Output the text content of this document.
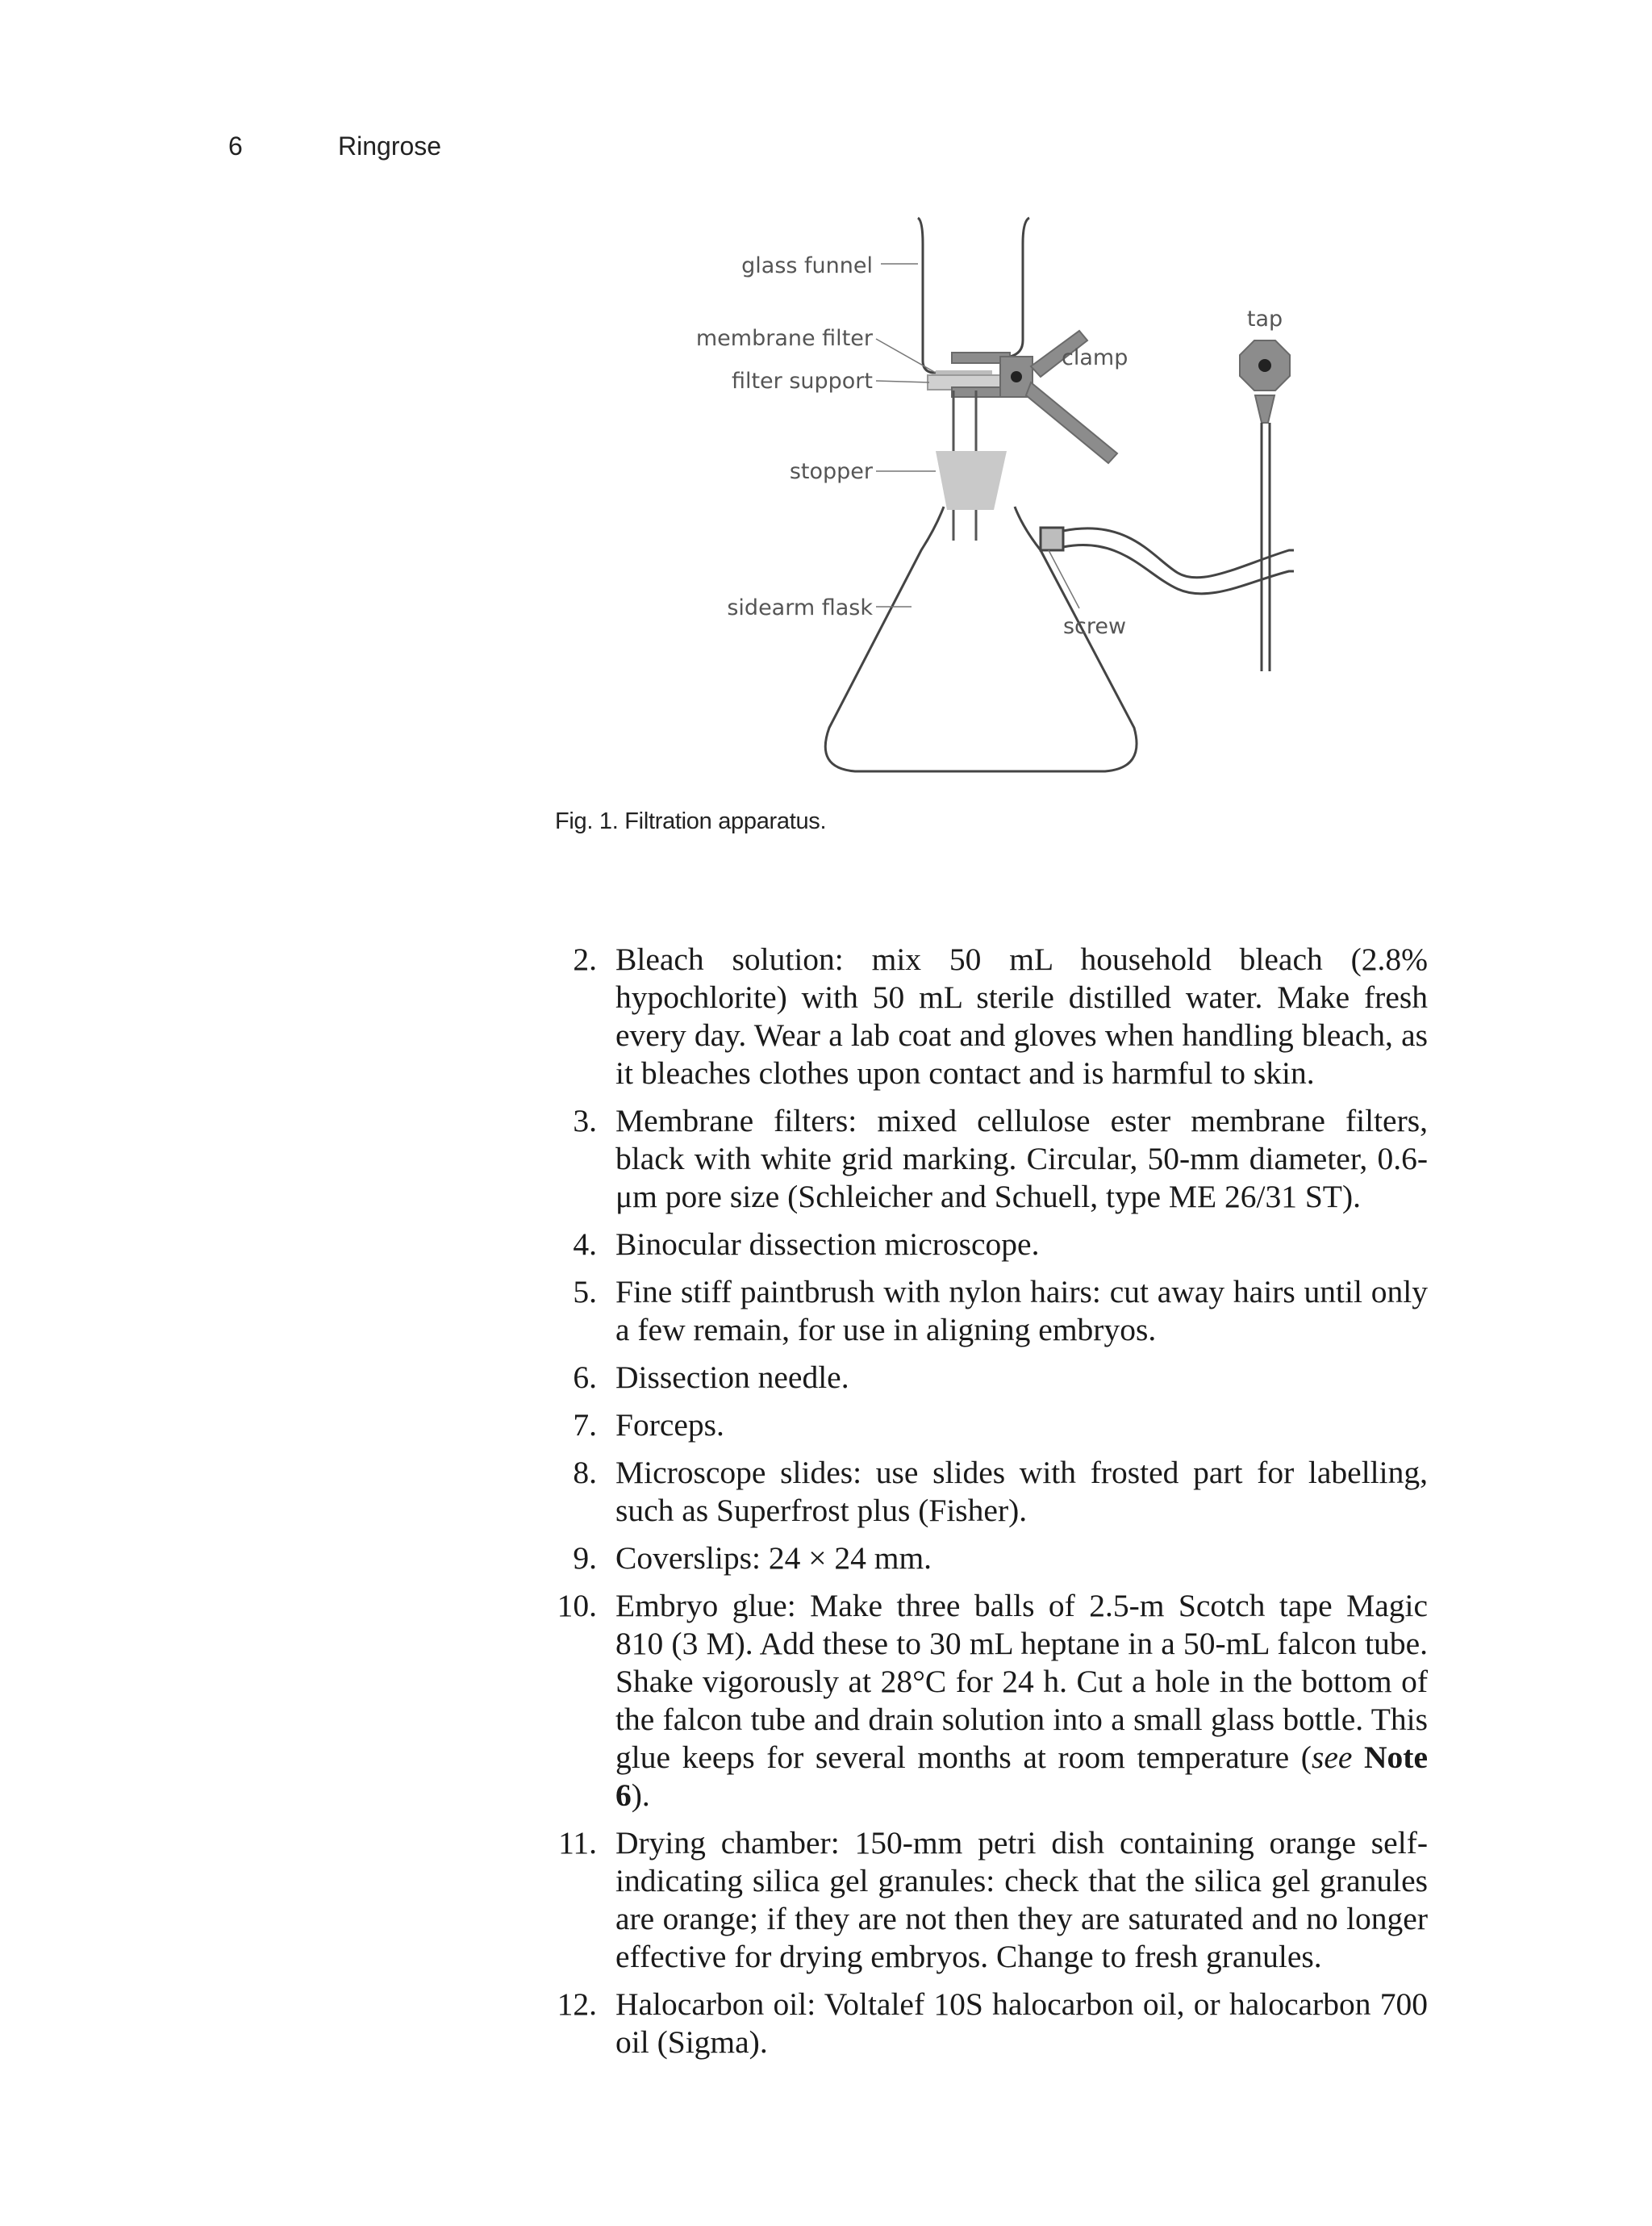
6	Ringrose
glass funnel
membrane filter
filter support
stopper
sidearm flask
clamp
tap
screw
Fig. 1. Filtration apparatus.
2. Bleach solution: mix 50 mL household bleach (2.8% hypochlorite) with 50 mL sterile distilled water. Make fresh every day. Wear a lab coat and gloves when handling bleach, as it bleaches clothes upon contact and is harmful to skin.
3. Membrane filters: mixed cellulose ester membrane filters, black with white grid marking. Circular, 50-mm diameter, 0.6-μm pore size (Schleicher and Schuell, type ME 26/31 ST).
4. Binocular dissection microscope.
5. Fine stiff paintbrush with nylon hairs: cut away hairs until only a few remain, for use in aligning embryos.
6. Dissection needle.
7. Forceps.
8. Microscope slides: use slides with frosted part for labelling, such as Superfrost plus (Fisher).
9. Coverslips: 24 × 24 mm.
10. Embryo glue: Make three balls of 2.5-m Scotch tape Magic 810 (3 M). Add these to 30 mL heptane in a 50-mL falcon tube. Shake vigorously at 28°C for 24 h. Cut a hole in the bottom of the falcon tube and drain solution into a small glass bottle. This glue keeps for several months at room temperature (see Note 6).
11. Drying chamber: 150-mm petri dish containing orange self-indicating silica gel granules: check that the silica gel granules are orange; if they are not then they are saturated and no longer effective for drying embryos. Change to fresh granules.
12. Halocarbon oil: Voltalef 10S halocarbon oil, or halocarbon 700 oil (Sigma).
